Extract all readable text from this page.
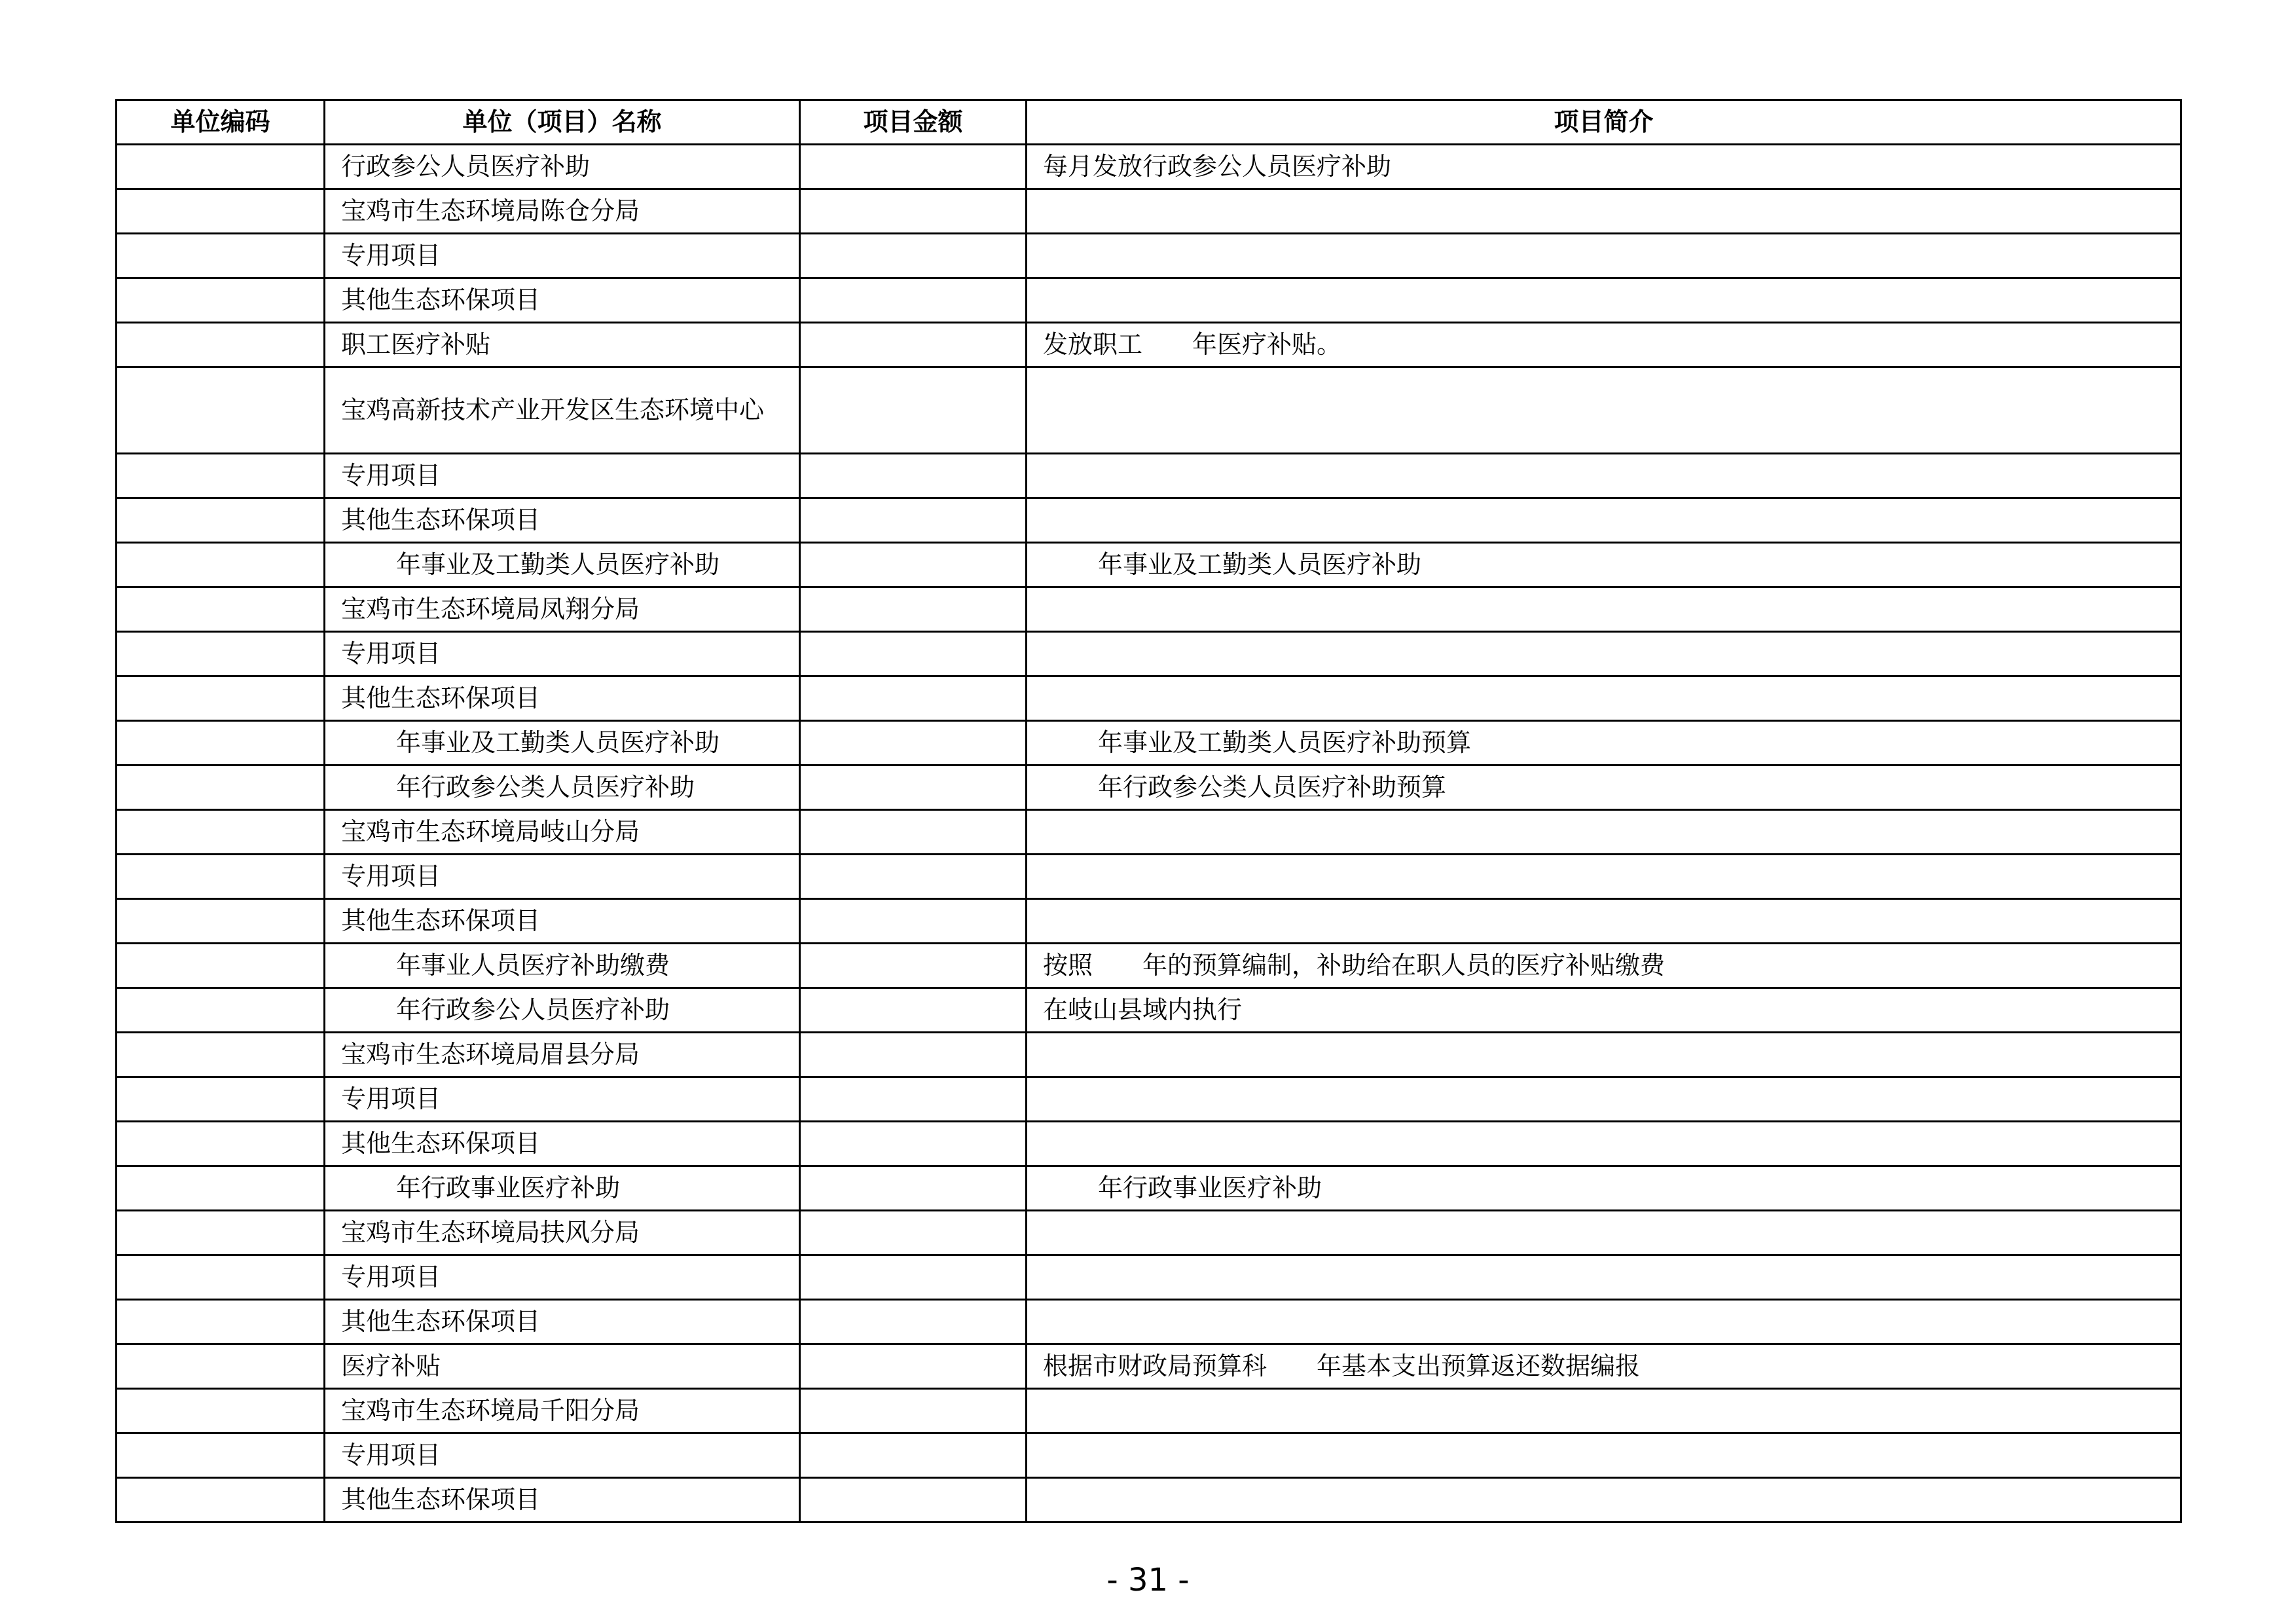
单位编码	单位（项目）名称	项目金额	项目简介
	行政参公人员医疗补助		每月发放行政参公人员医疗补助
	宝鸡市生态环境局陈仓分局		
	专用项目		
	其他生态环保项目		
	职工医疗补贴		发放职工　　年医疗补贴。
	宝鸡高新技术产业开发区生态环境中心		
	专用项目		
	其他生态环保项目		
	年事业及工勤类人员医疗补助		年事业及工勤类人员医疗补助
	宝鸡市生态环境局凤翔分局		
	专用项目		
	其他生态环保项目		
	年事业及工勤类人员医疗补助		年事业及工勤类人员医疗补助预算
	年行政参公类人员医疗补助		年行政参公类人员医疗补助预算
	宝鸡市生态环境局岐山分局		
	专用项目		
	其他生态环保项目		
	年事业人员医疗补助缴费		按照　　年的预算编制，补助给在职人员的医疗补贴缴费
	年行政参公人员医疗补助		在岐山县域内执行
	宝鸡市生态环境局眉县分局		
	专用项目		
	其他生态环保项目		
	年行政事业医疗补助		年行政事业医疗补助
	宝鸡市生态环境局扶风分局		
	专用项目		
	其他生态环保项目		
	医疗补贴		根据市财政局预算科　　年基本支出预算返还数据编报
	宝鸡市生态环境局千阳分局		
	专用项目		
	其他生态环保项目		
- 31 -
